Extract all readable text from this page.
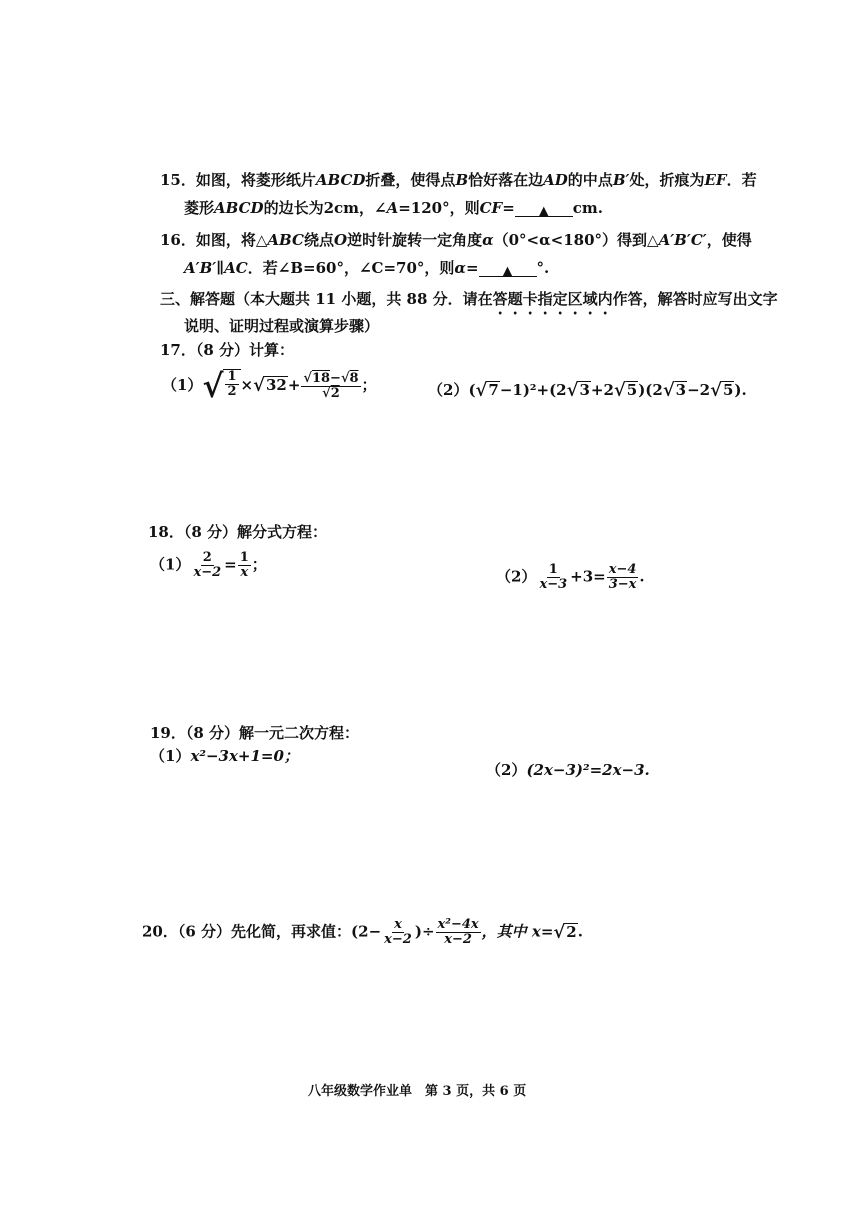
15．如图，将菱形纸片ABCD折叠，使得点B恰好落在边AD的中点B′处，折痕为EF．若
菱形ABCD的边长为2cm，∠A=120°，则CF= ▲ cm.
16．如图，将△ABC绕点O逆时针旋转一定角度α（0°<α<180°）得到△A′B′C′，使得
A′B′∥AC．若∠B=60°，∠C=70°，则α= ▲ °.
三、解答题（本大题共 11 小题，共 88 分．请在答题卡指定区域内作答，解答时应写出文字
说明、证明过程或演算步骤）
17．（8 分）计算：
（1） √ $\frac{1}{2}$ × √ $32 + \frac{√18-√8}{√2}$ ；	（2）( √ 7 −1)²+(2 √ 3 +2 √ 5 )(2 √ 3 −2 √ 5 ).
18．（8 分）解分式方程：
$(1) \frac{2}{x-2} = \frac{1}{x}$ ；
$(2) \frac{1}{x-3} +3= \frac{x-4}{3-x}$ .
19．（8 分）解一元二次方程：
（1）x²−3x+1=0；
（2）(2x−3)²=2x−3.
20．（6 分）先化简，再求值：($2- \frac{x}{x-2}$ )÷ $\frac{\text{x²−4x}}{x-2}$ ，其中 x= √ 2 .
八年级数学作业单　第 3 页，共 6 页
